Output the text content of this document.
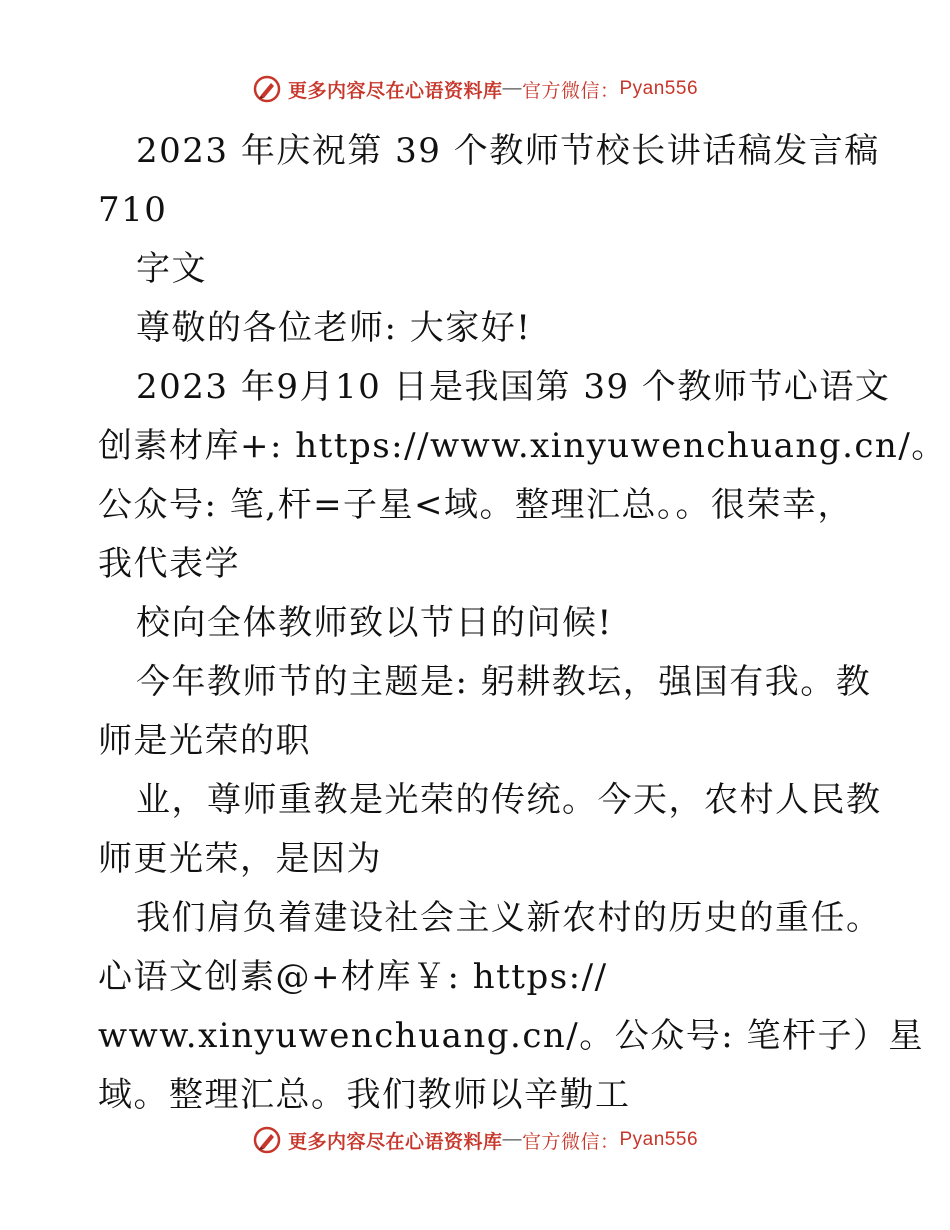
更多内容尽在心语资料库 — 官方微信： Pyan556
2023 年庆祝第 39 个教师节校长讲话稿发言稿
710
字文
尊敬的各位老师: 大家好!
2023 年9月10 日是我国第 39 个教师节心语文
创素材库+: https://www.xinyuwenchuang.cn/。
公众号: 笔,杆=子星<域。整理汇总。。很荣幸，
我代表学
校向全体教师致以节日的问候!
今年教师节的主题是: 躬耕教坛，强国有我。教
师是光荣的职
业，尊师重教是光荣的传统。今天，农村人民教
师更光荣，是因为
我们肩负着建设社会主义新农村的历史的重任。
心语文创素@+材库￥: https://
www.xinyuwenchuang.cn/。公众号: 笔杆子）星
域。整理汇总。我们教师以辛勤工
更多内容尽在心语资料库 — 官方微信： Pyan556
